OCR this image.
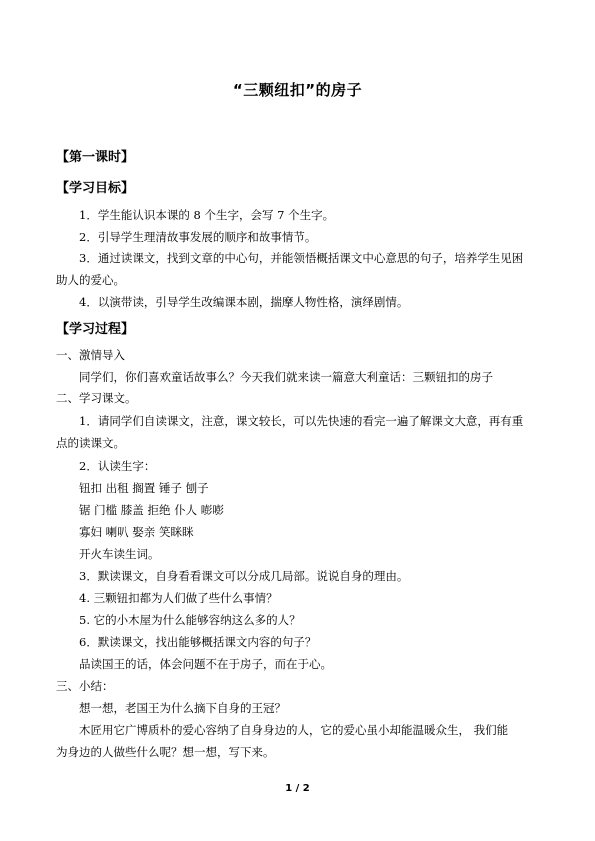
“三颗纽扣”的房子
【第一课时】
【学习目标】
1．学生能认识本课的 8 个生字，会写 7 个生字。
2．引导学生理清故事发展的顺序和故事情节。
3．通过读课文，找到文章的中心句，并能领悟概括课文中心意思的句子，培养学生见困
助人的爱心。
4．以演带读，引导学生改编课本剧，揣摩人物性格，演绎剧情。
【学习过程】
一、激情导入
同学们，你们喜欢童话故事么？今天我们就来读一篇意大利童话：三颗钮扣的房子
二、学习课文。
1．请同学们自读课文，注意，课文较长，可以先快速的看完一遍了解课文大意，再有重
点的读课文。
2．认读生字：
钮扣 出租 搁置 锤子 刨子
锯 门槛 膝盖 拒绝 仆人 嘭嘭
寡妇 喇叭 娶亲 笑眯眯
开火车读生词。
3．默读课文，自身看看课文可以分成几局部。说说自身的理由。
4. 三颗钮扣都为人们做了些什么事情？
5. 它的小木屋为什么能够容纳这么多的人？
6．默读课文，找出能够概括课文内容的句子？
品读国王的话，体会问题不在于房子，而在于心。
三、小结：
想一想，老国王为什么摘下自身的王冠？
木匠用它广博质朴的爱心容纳了自身身边的人，它的爱心虽小却能温暖众生， 我们能
为身边的人做些什么呢？想一想，写下来。
1 / 2
